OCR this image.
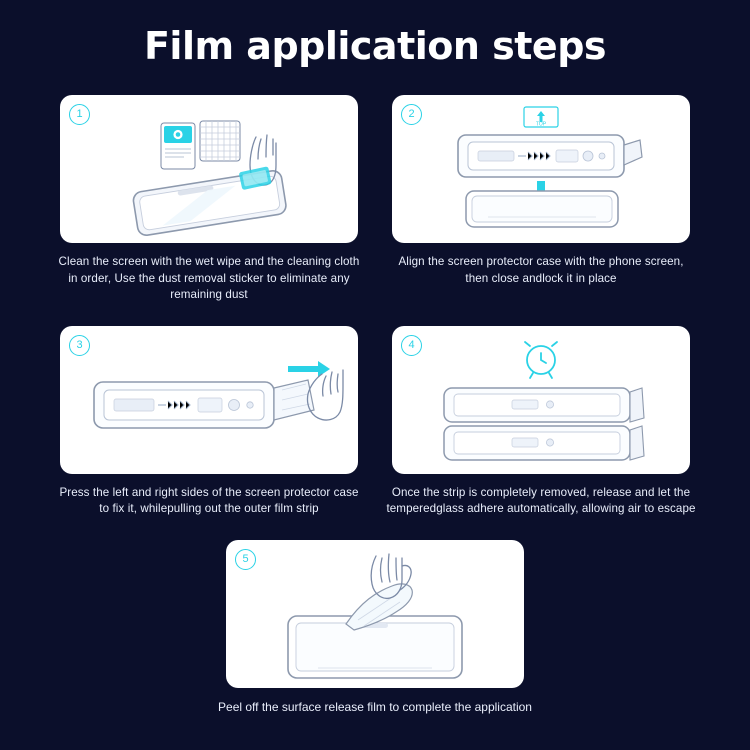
Film application steps
1
Clean the screen with the wet wipe and the cleaning cloth in order, Use the dust removal sticker to eliminate any remaining dust
2
TOP
Align the screen protector case with the phone screen, then close andlock it in place
3
Press the left and right sides of the screen protector case to fix it, whilepulling out the outer film strip
4
Once the strip is completely removed, release and let the temperedglass adhere automatically, allowing air to escape
5
Peel off the surface release film to complete the application
